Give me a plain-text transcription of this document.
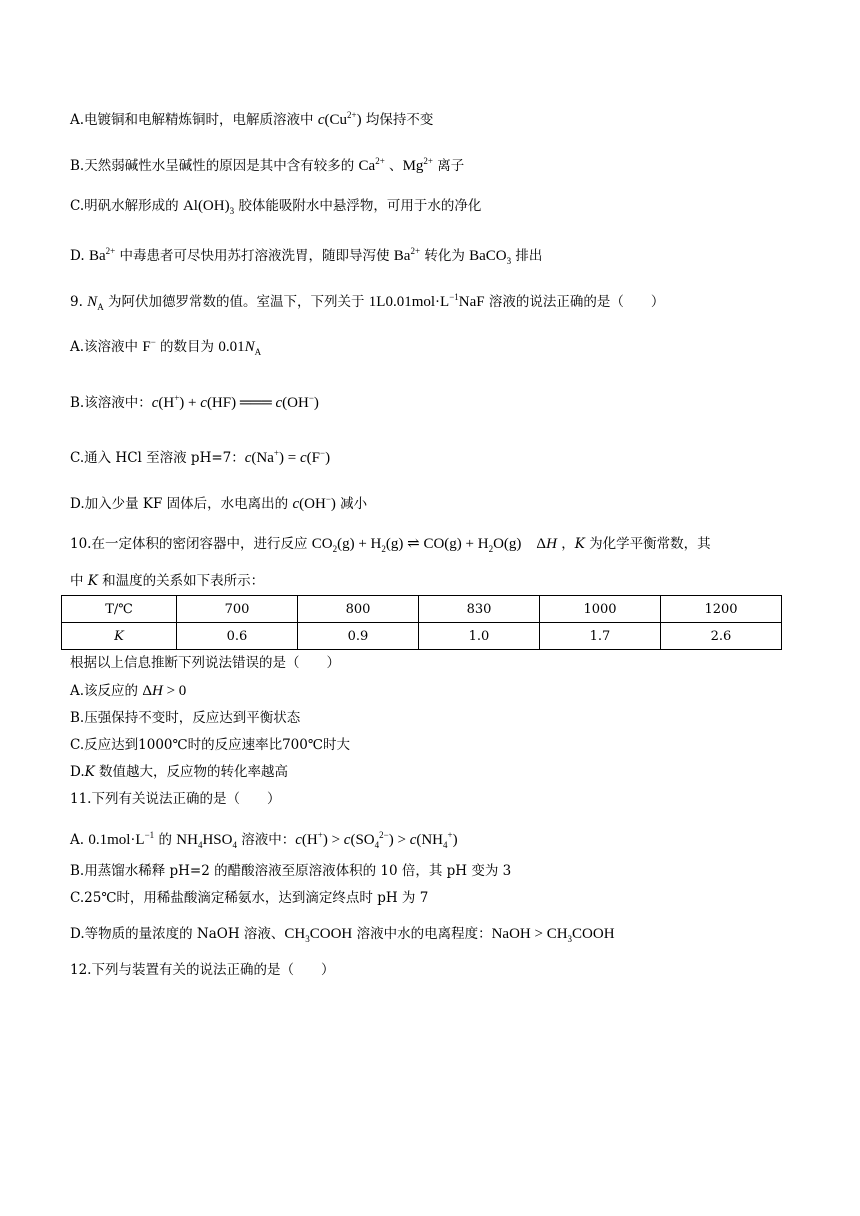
A.电镀铜和电解精炼铜时，电解质溶液中 $c(Cu^{2+})$ 均保持不变
B.天然弱碱性水呈碱性的原因是其中含有较多的 $Ca^{2+}$ 、$Mg^{2+}$ 离子
C.明矾水解形成的 $Al(OH)_3$ 胶体能吸附水中悬浮物，可用于水的净化
D. $Ba^{2+}$ 中毒患者可尽快用苏打溶液洗胃，随即导泻使 $Ba^{2+}$ 转化为 BaCO$_3$ 排出
9. $N_A$ 为阿伏加德罗常数的值。室温下，下列关于 $1L0.01mol\cdot L^{-1}NaF$ 溶液的说法正确的是（　　）
A.该溶液中 F− 的数目为 $0.01N_A$
B.该溶液中：c(H+) + c(HF) ═══ c(OH−)
C.通入 HCl 至溶液 pH=7：c(Na+) = c(F−)
D.加入少量 KF 固体后，水电离出的 c(OH−) 减小
10.在一定体积的密闭容器中，进行反应 $CO_2(g) + H_2(g)$ ⇌ $CO(g) + H_2O(g)$　ΔH ，K 为化学平衡常数，其
中 K 和温度的关系如下表所示：
T/℃	700	800	830	1000	1200
K	0.6	0.9	1.0	1.7	2.6
根据以上信息推断下列说法错误的是（　　）
A.该反应的 ΔH > 0
B.压强保持不变时，反应达到平衡状态
C.反应达到1000℃时的反应速率比700℃时大
D.K 数值越大，反应物的转化率越高
11.下列有关说法正确的是（　　）
A. $0.1mol\cdot L^{-1}$ 的 $NH_4HSO_4$ 溶液中：$c(H^+) > c(SO_4^{2-}) > c(NH_4^+)$
B.用蒸馏水稀释 pH=2 的醋酸溶液至原溶液体积的 10 倍，其 pH 变为 3
C.25℃时，用稀盐酸滴定稀氨水，达到滴定终点时 pH 为 7
D.等物质的量浓度的 NaOH 溶液、$CH_3COOH$ 溶液中水的电离程度：NaOH > $CH_3COOH$
12.下列与装置有关的说法正确的是（　　）
